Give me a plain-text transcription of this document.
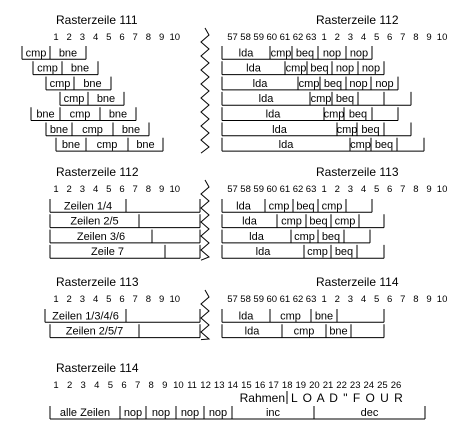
Rasterzeile 111	Rasterzeile 112
1 2 3 4 5 6 7 8 9 10	57 58 59 60 61 62 63 1 2 3 4 5 6 7 8 9 10
cmp bne	lda cmp beq nop nop
cmp bne	lda cmp beq nop nop
cmp bne	lda	cmp beq nop nop
cmp bne	lda	cmp beq
bne cmp bne	lda	cmp beq
bne cmp bne	lda	cmp beq
bne cmp bne	lda	cmp beq
Rasterzeile 112	Rasterzeile 113
1 2 3 4 5 6 7 8 9 10	57 58 59 60 61 62 63 1 2 3 4 5 6 7 8 9 10
Zeilen 1/4	lda cmp beq cmp
Zeilen 2/5	lda cmp beq cmp
Zeilen 3/6	lda	cmp beq
Zeile 7	lda	cmp beq
Rasterzeile 113	Rasterzeile 114
1 2 3 4 5 6 7 8 9 10	57 58 59 60 61 62 63 1 2 3 4 5 6 7 8 9 10
Zeilen 1/3/4/6	lda cmp bne
Zeilen 2/5/7	lda	cmp bne
Rasterzeile 114
1 2 3 4 5 6 7 8 9 10 11 12 13 14 15 16 17 18 19 20 21 22 23 24 25 26
Rahmen L O A D " F O U R
alle Zeilen nop nop nop nop	inc	dec
